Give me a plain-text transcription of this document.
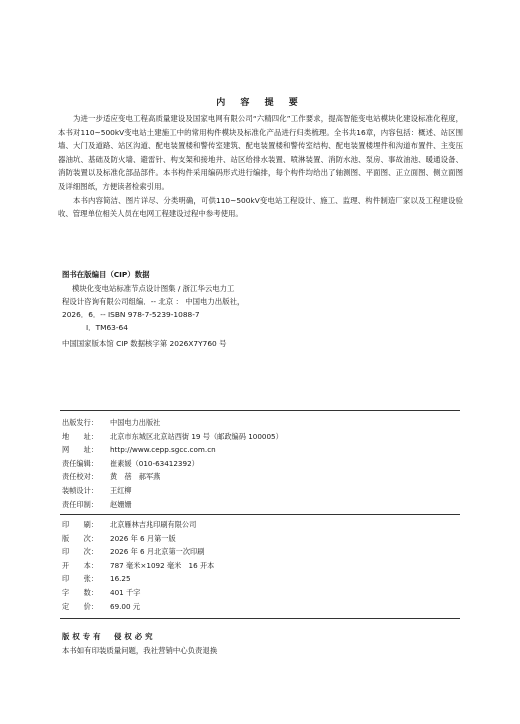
内 容 提 要

为进一步适应变电工程高质量建设及国家电网有限公司“六精四化”工作要求，提高智能变电站模块化建设标准化程度，本书对110~500kV变电站土建施工中的常用构件模块及标准化产品进行归类梳理。全书共16章，内容包括：概述、站区围墙、大门及道路、站区沟道、配电装置楼和警传室建筑、配电装置楼和警传室结构、配电装置楼埋件和沟道布置件、主变压器油坑、基础及防火墙、避雷针、构支架和接地井、站区给排水装置、喷淋装置、消防水池、泵房、事故油池、暖通设备、消防装置以及标准化部品部件。本书构件采用编码形式进行编排，每个构件均给出了轴测图、平面图、正立面图、侧立面图及详细图纸，方便读者检索引用。

本书内容简洁、图片详尽、分类明确，可供110~500kV变电站工程设计、施工、监理、构件制造厂家以及工程建设验收、管理单位相关人员在电网工程建设过程中参考使用。

图书在版编目（CIP）数据
模块化变电站标准节点设计图集 / 浙江华云电力工
程设计咨询有限公司组编．-- 北京 ： 中国电力出版社，
2026．6．-- ISBN 978-7-5239-1088-7
Ⅰ．TM63-64
中国国家版本馆 CIP 数据核字第 2026X7Y760 号
出版发行：	中国电力出版社
地　　址：	北京市东城区北京站西街 19 号（邮政编码 100005）
网　　址：	http://www.cepp.sgcc.com.cn
责任编辑：	崔素媛（010-63412392）
责任校对：	黄　蓓　郝军燕
装帧设计：	王红柳
责任印制：	赵姗姗
印　　刷：	北京雁林吉兆印刷有限公司
版　　次：	2026 年 6 月第一版
印　　次：	2026 年 6 月北京第一次印刷
开　　本：	787 毫米×1092 毫米　16 开本
印　　张：	16.25
字　　数：	401 千字
定　　价：	69.00 元
版权专有　侵权必究
本书如有印装质量问题，我社营销中心负责退换
